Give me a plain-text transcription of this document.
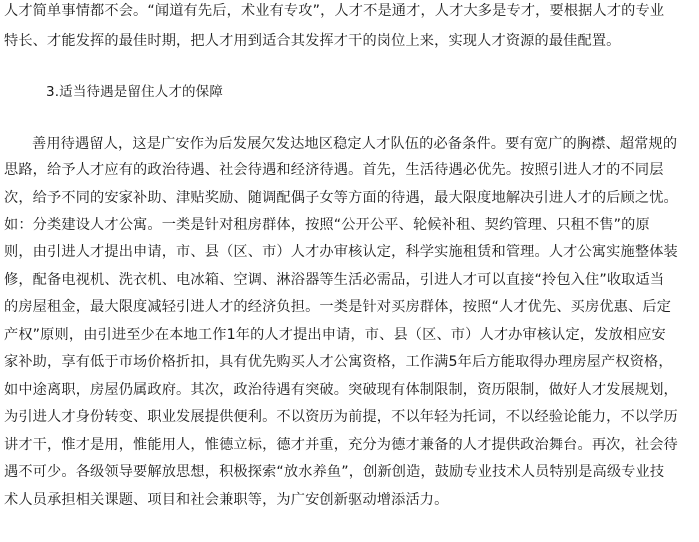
人才简单事情都不会。“闻道有先后，术业有专攻”，人才不是通才，人才大多是专才，要根据人才的专业
特长、才能发挥的最佳时期，把人才用到适合其发挥才干的岗位上来，实现人才资源的最佳配置。
3.适当待遇是留住人才的保障
善用待遇留人，这是广安作为后发展欠发达地区稳定人才队伍的必备条件。要有宽广的胸襟、超常规的
思路，给予人才应有的政治待遇、社会待遇和经济待遇。首先，生活待遇必优先。按照引进人才的不同层
次，给予不同的安家补助、津贴奖励、随调配偶子女等方面的待遇，最大限度地解决引进人才的后顾之忧。
如：分类建设人才公寓。一类是针对租房群体，按照“公开公平、轮候补租、契约管理、只租不售”的原
则，由引进人才提出申请，市、县（区、市）人才办审核认定，科学实施租赁和管理。人才公寓实施整体装
修，配备电视机、洗衣机、电冰箱、空调、淋浴器等生活必需品，引进人才可以直接“拎包入住”收取适当
的房屋租金，最大限度减轻引进人才的经济负担。一类是针对买房群体，按照“人才优先、买房优惠、后定
产权”原则，由引进至少在本地工作1年的人才提出申请，市、县（区、市）人才办审核认定，发放相应安
家补助，享有低于市场价格折扣，具有优先购买人才公寓资格，工作满5年后方能取得办理房屋产权资格，
如中途离职，房屋仍属政府。其次，政治待遇有突破。突破现有体制限制，资历限制，做好人才发展规划，
为引进人才身份转变、职业发展提供便利。不以资历为前提，不以年轻为托词，不以经验论能力，不以学历
讲才干，惟才是用，惟能用人，惟德立标，德才并重，充分为德才兼备的人才提供政治舞台。再次，社会待
遇不可少。各级领导要解放思想，积极探索“放水养鱼”，创新创造，鼓励专业技术人员特别是高级专业技
术人员承担相关课题、项目和社会兼职等，为广安创新驱动增添活力。
